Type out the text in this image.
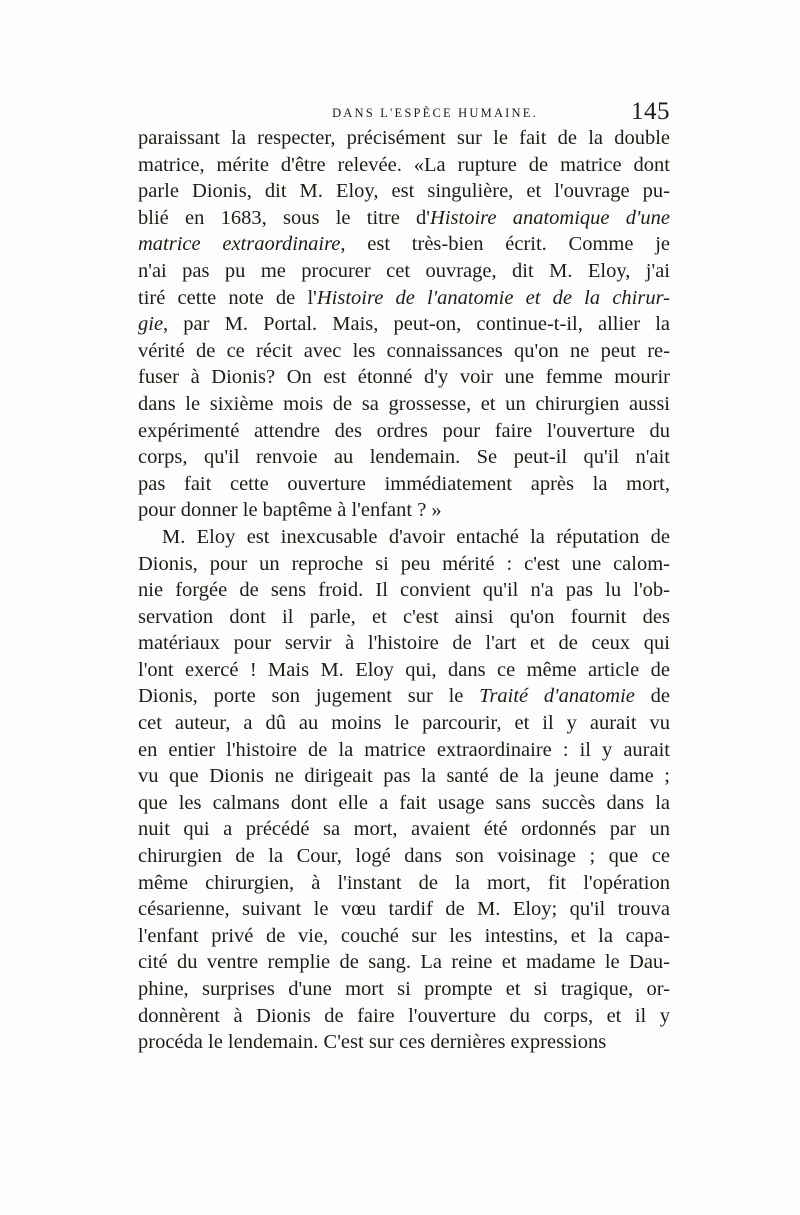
DANS L'ESPÈCE HUMAINE.	145
paraissant la respecter, précisément sur le fait de la double
matrice, mérite d'être relevée. «La rupture de matrice dont
parle Dionis, dit M. Eloy, est singulière, et l'ouvrage pu-
blié en 1683, sous le titre d'Histoire anatomique d'une
matrice extraordinaire, est très-bien écrit. Comme je
n'ai pas pu me procurer cet ouvrage, dit M. Eloy, j'ai
tiré cette note de l'Histoire de l'anatomie et de la chirur-
gie, par M. Portal. Mais, peut-on, continue-t-il, allier la
vérité de ce récit avec les connaissances qu'on ne peut re-
fuser à Dionis? On est étonné d'y voir une femme mourir
dans le sixième mois de sa grossesse, et un chirurgien aussi
expérimenté attendre des ordres pour faire l'ouverture du
corps, qu'il renvoie au lendemain. Se peut-il qu'il n'ait
pas fait cette ouverture immédiatement après la mort,
pour donner le baptême à l'enfant ? »
M. Eloy est inexcusable d'avoir entaché la réputation de
Dionis, pour un reproche si peu mérité : c'est une calom-
nie forgée de sens froid. Il convient qu'il n'a pas lu l'ob-
servation dont il parle, et c'est ainsi qu'on fournit des
matériaux pour servir à l'histoire de l'art et de ceux qui
l'ont exercé ! Mais M. Eloy qui, dans ce même article de
Dionis, porte son jugement sur le Traité d'anatomie de
cet auteur, a dû au moins le parcourir, et il y aurait vu
en entier l'histoire de la matrice extraordinaire : il y aurait
vu que Dionis ne dirigeait pas la santé de la jeune dame ;
que les calmans dont elle a fait usage sans succès dans la
nuit qui a précédé sa mort, avaient été ordonnés par un
chirurgien de la Cour, logé dans son voisinage ; que ce
même chirurgien, à l'instant de la mort, fit l'opération
césarienne, suivant le vœu tardif de M. Eloy; qu'il trouva
l'enfant privé de vie, couché sur les intestins, et la capa-
cité du ventre remplie de sang. La reine et madame le Dau-
phine, surprises d'une mort si prompte et si tragique, or-
donnèrent à Dionis de faire l'ouverture du corps, et il y
procéda le lendemain. C'est sur ces dernières expressions
